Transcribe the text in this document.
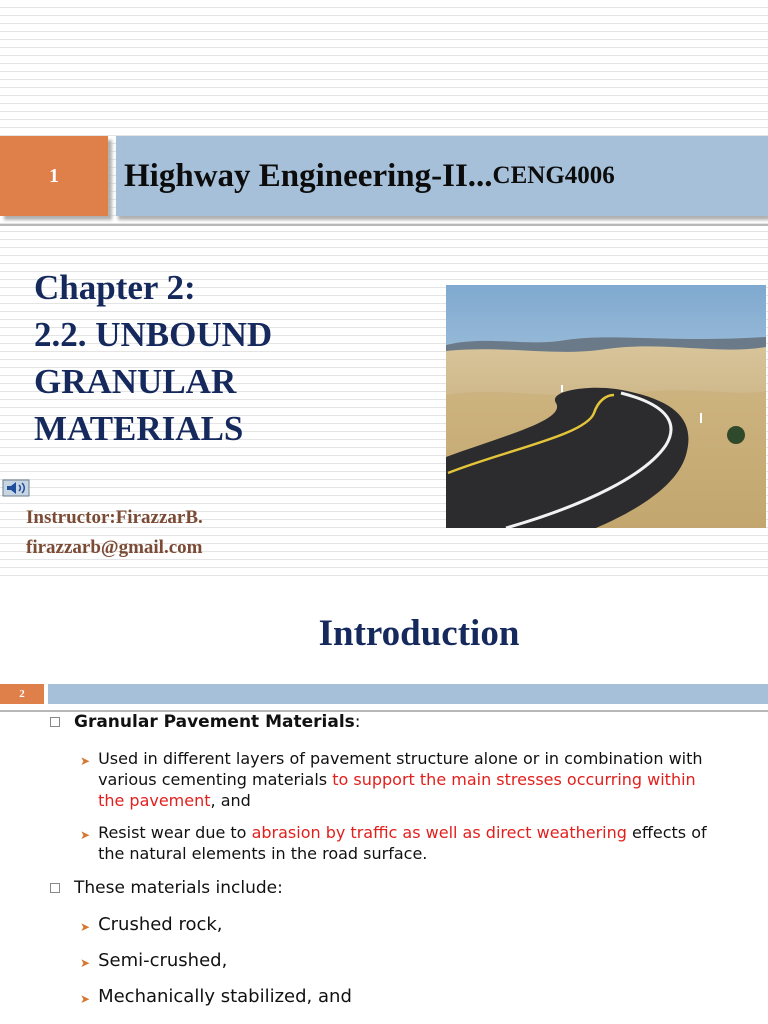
1	Highway Engineering-II... CENG4006
Chapter 2:
2.2. UNBOUND
GRANULAR
MATERIALS
Instructor:FirazzarB.
firazzarb@gmail.com
Introduction
2
Granular Pavement Materials:
➤ Used in different layers of pavement structure alone or in combination with various cementing materials to support the main stresses occurring within the pavement, and
➤ Resist wear due to abrasion by traffic as well as direct weathering effects of the natural elements in the road surface.
These materials include:
➤ Crushed rock,
➤ Semi-crushed,
➤ Mechanically stabilized, and
